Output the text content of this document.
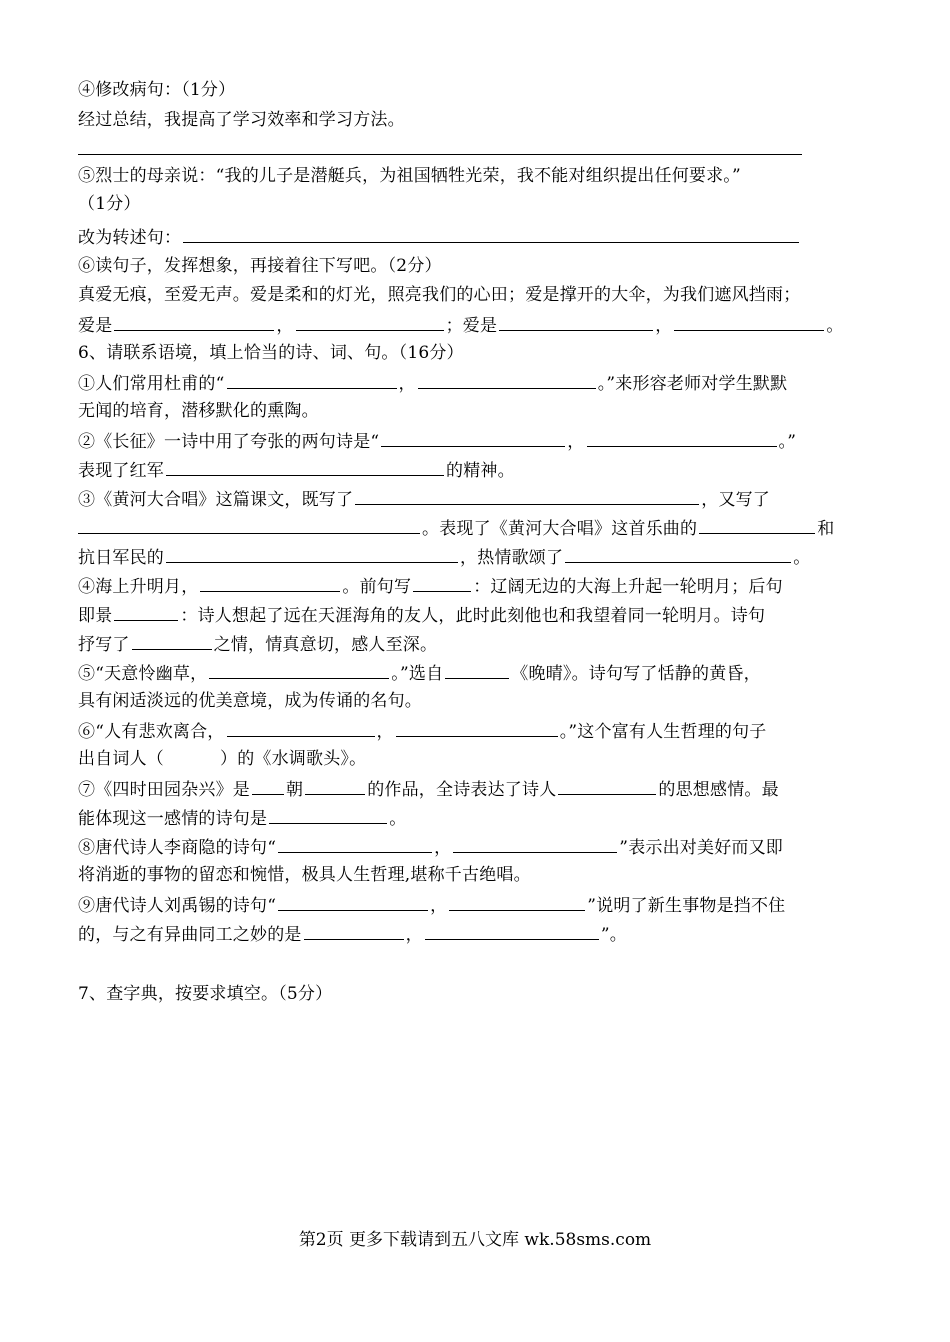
④修改病句：（1分）
经过总结，我提高了学习效率和学习方法。
⑤烈士的母亲说：“我的儿子是潜艇兵，为祖国牺牲光荣，我不能对组织提出任何要求。”
（1分）
改为转述句：
⑥读句子，发挥想象，再接着往下写吧。（2分）
真爱无痕，至爱无声。爱是柔和的灯光，照亮我们的心田；爱是撑开的大伞，为我们遮风挡雨；
爱是	，	；爱是	，	。
6、请联系语境，填上恰当的诗、词、句。（16分）
①人们常用杜甫的“	，	。”来形容老师对学生默默
无闻的培育，潜移默化的熏陶。
②《长征》一诗中用了夸张的两句诗是“	，	。”
表现了红军	的精神。
③《黄河大合唱》这篇课文，既写了	，又写了
。表现了《黄河大合唱》这首乐曲的	和
抗日军民的	，热情歌颂了	。
④海上升明月，	。前句写	：辽阔无边的大海上升起一轮明月；后句
即景	：诗人想起了远在天涯海角的友人，此时此刻他也和我望着同一轮明月。诗句
抒写了	之情，情真意切，感人至深。
⑤“天意怜幽草，	。”选自	《晚晴》。诗句写了恬静的黄昏，
具有闲适淡远的优美意境，成为传诵的名句。
⑥“人有悲欢离合，	，	。”这个富有人生哲理的句子
出自词人（	）的《水调歌头》。
⑦《四时田园杂兴》是 朝	的作品，全诗表达了诗人	的思想感情。最
能体现这一感情的诗句是	。
⑧唐代诗人李商隐的诗句“	，	”表示出对美好而又即
将消逝的事物的留恋和惋惜，极具人生哲理,堪称千古绝唱。
⑨唐代诗人刘禹锡的诗句“	，	”说明了新生事物是挡不住
的，与之有异曲同工之妙的是	，	”。
7、查字典，按要求填空。（5分）
第2页 更多下载请到五八文库 wk.58sms.com
